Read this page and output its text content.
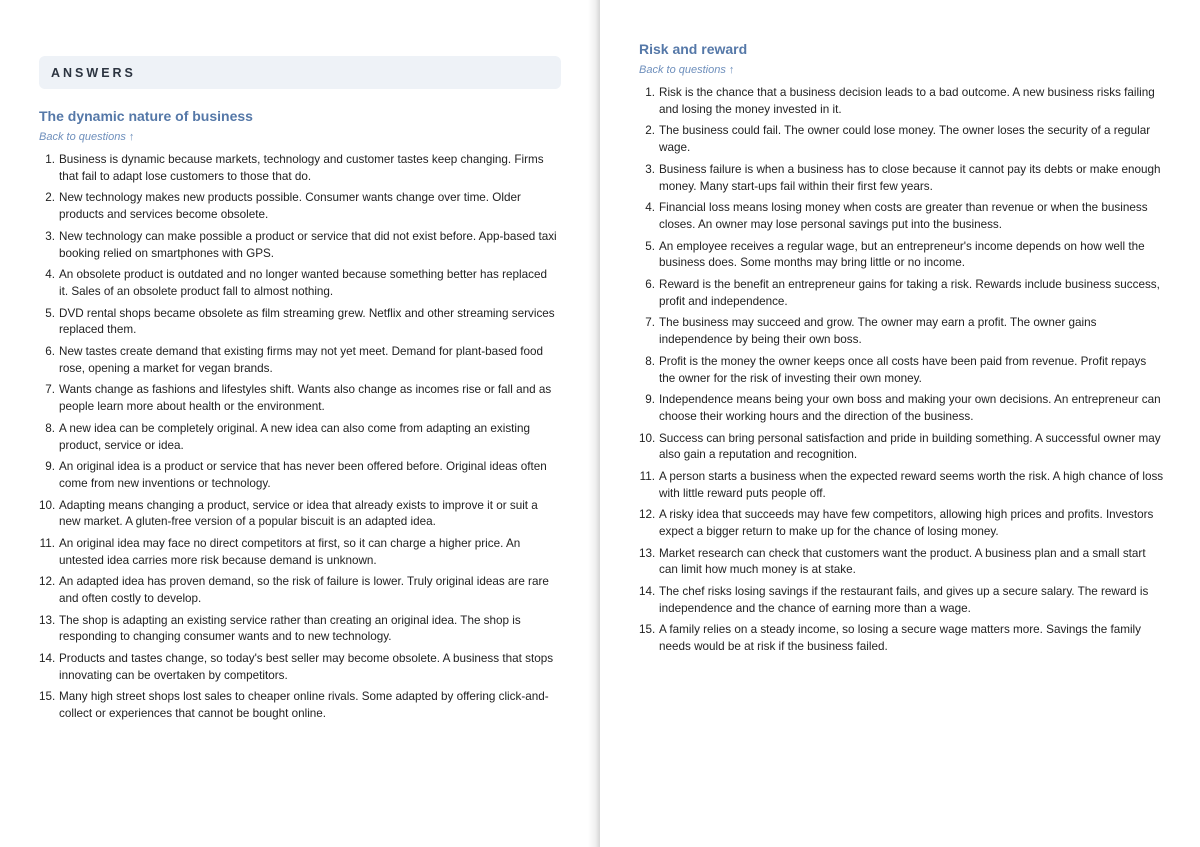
ANSWERS
The dynamic nature of business
Back to questions ↑
1. Business is dynamic because markets, technology and customer tastes keep changing. Firms that fail to adapt lose customers to those that do.
2. New technology makes new products possible. Consumer wants change over time. Older products and services become obsolete.
3. New technology can make possible a product or service that did not exist before. App-based taxi booking relied on smartphones with GPS.
4. An obsolete product is outdated and no longer wanted because something better has replaced it. Sales of an obsolete product fall to almost nothing.
5. DVD rental shops became obsolete as film streaming grew. Netflix and other streaming services replaced them.
6. New tastes create demand that existing firms may not yet meet. Demand for plant-based food rose, opening a market for vegan brands.
7. Wants change as fashions and lifestyles shift. Wants also change as incomes rise or fall and as people learn more about health or the environment.
8. A new idea can be completely original. A new idea can also come from adapting an existing product, service or idea.
9. An original idea is a product or service that has never been offered before. Original ideas often come from new inventions or technology.
10. Adapting means changing a product, service or idea that already exists to improve it or suit a new market. A gluten-free version of a popular biscuit is an adapted idea.
11. An original idea may face no direct competitors at first, so it can charge a higher price. An untested idea carries more risk because demand is unknown.
12. An adapted idea has proven demand, so the risk of failure is lower. Truly original ideas are rare and often costly to develop.
13. The shop is adapting an existing service rather than creating an original idea. The shop is responding to changing consumer wants and to new technology.
14. Products and tastes change, so today's best seller may become obsolete. A business that stops innovating can be overtaken by competitors.
15. Many high street shops lost sales to cheaper online rivals. Some adapted by offering click-and-collect or experiences that cannot be bought online.
Risk and reward
Back to questions ↑
1. Risk is the chance that a business decision leads to a bad outcome. A new business risks failing and losing the money invested in it.
2. The business could fail. The owner could lose money. The owner loses the security of a regular wage.
3. Business failure is when a business has to close because it cannot pay its debts or make enough money. Many start-ups fail within their first few years.
4. Financial loss means losing money when costs are greater than revenue or when the business closes. An owner may lose personal savings put into the business.
5. An employee receives a regular wage, but an entrepreneur's income depends on how well the business does. Some months may bring little or no income.
6. Reward is the benefit an entrepreneur gains for taking a risk. Rewards include business success, profit and independence.
7. The business may succeed and grow. The owner may earn a profit. The owner gains independence by being their own boss.
8. Profit is the money the owner keeps once all costs have been paid from revenue. Profit repays the owner for the risk of investing their own money.
9. Independence means being your own boss and making your own decisions. An entrepreneur can choose their working hours and the direction of the business.
10. Success can bring personal satisfaction and pride in building something. A successful owner may also gain a reputation and recognition.
11. A person starts a business when the expected reward seems worth the risk. A high chance of loss with little reward puts people off.
12. A risky idea that succeeds may have few competitors, allowing high prices and profits. Investors expect a bigger return to make up for the chance of losing money.
13. Market research can check that customers want the product. A business plan and a small start can limit how much money is at stake.
14. The chef risks losing savings if the restaurant fails, and gives up a secure salary. The reward is independence and the chance of earning more than a wage.
15. A family relies on a steady income, so losing a secure wage matters more. Savings the family needs would be at risk if the business failed.
